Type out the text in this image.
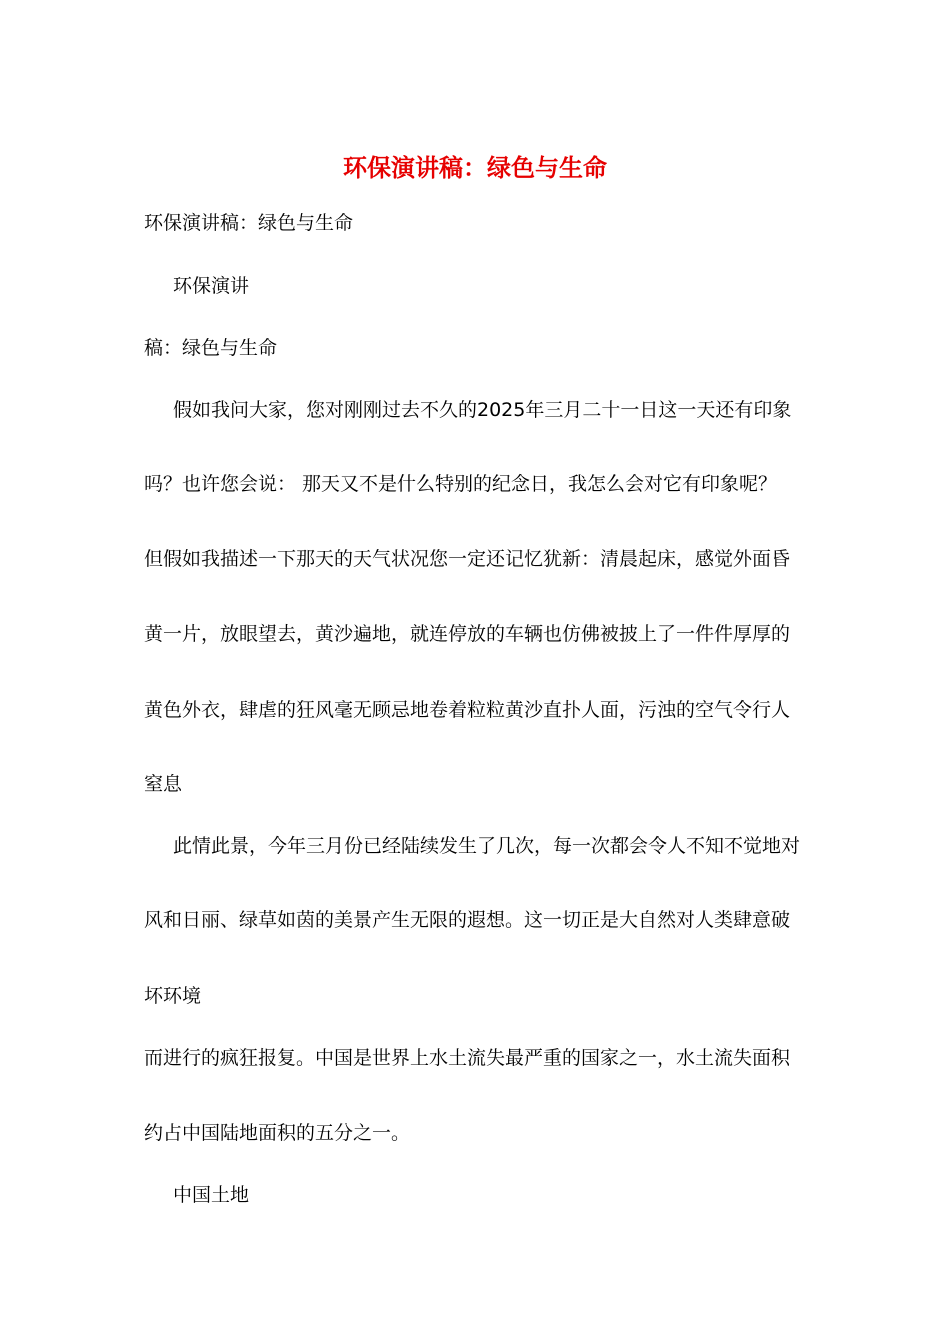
环保演讲稿：绿色与生命
环保演讲稿：绿色与生命
环保演讲
稿：绿色与生命
假如我问大家，您对刚刚过去不久的2025年三月二十一日这一天还有印象
吗？也许您会说： 那天又不是什么特别的纪念日，我怎么会对它有印象呢？
但假如我描述一下那天的天气状况您一定还记忆犹新：清晨起床，感觉外面昏
黄一片，放眼望去，黄沙遍地，就连停放的车辆也仿佛被披上了一件件厚厚的
黄色外衣，肆虐的狂风毫无顾忌地卷着粒粒黄沙直扑人面，污浊的空气令行人
窒息
此情此景，今年三月份已经陆续发生了几次，每一次都会令人不知不觉地对
风和日丽、绿草如茵的美景产生无限的遐想。这一切正是大自然对人类肆意破
坏环境
而进行的疯狂报复。中国是世界上水土流失最严重的国家之一，水土流失面积
约占中国陆地面积的五分之一。
中国土地
